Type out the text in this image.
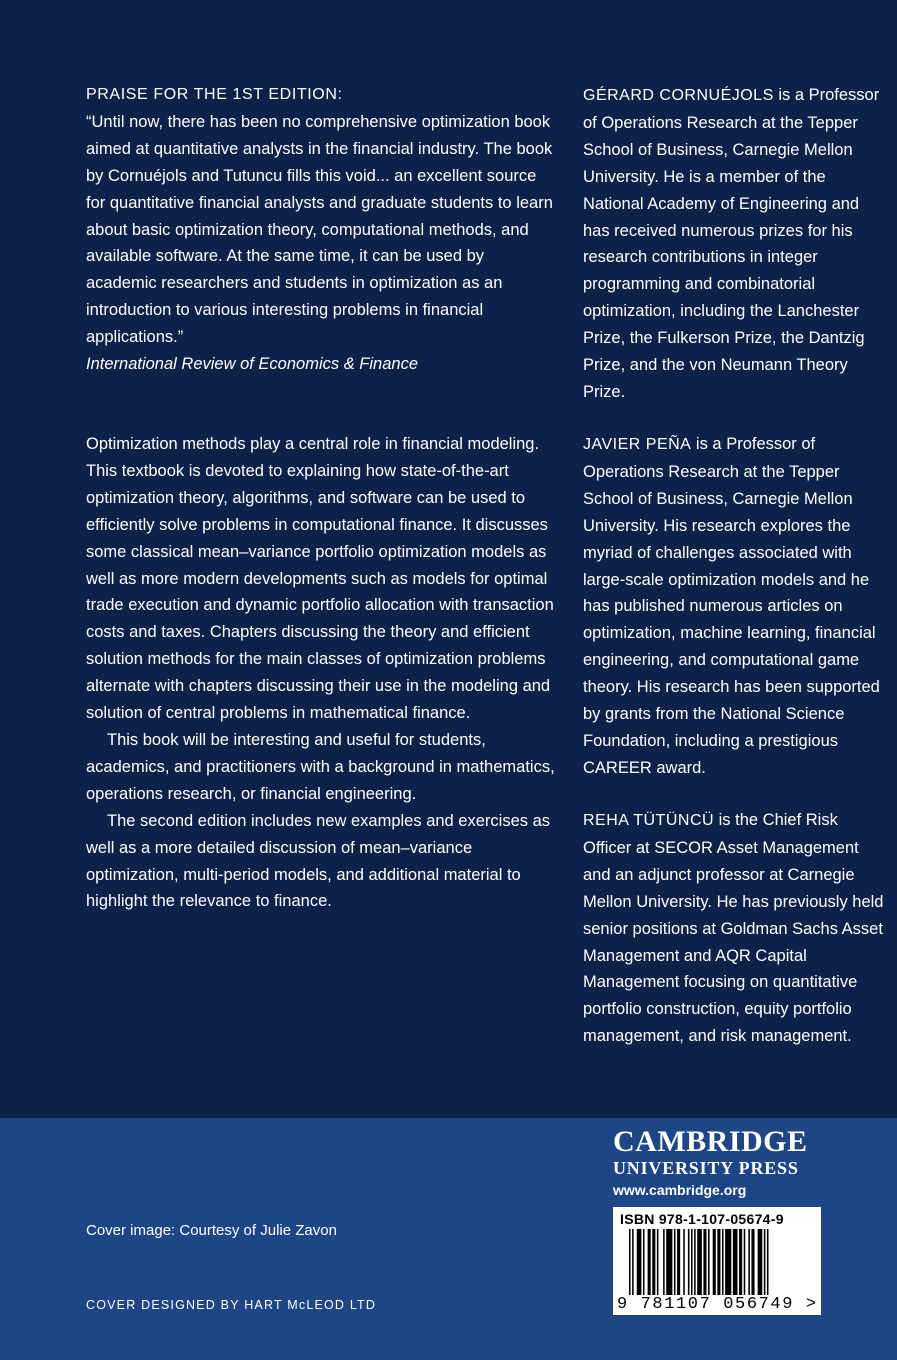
PRAISE FOR THE 1ST EDITION:
“Until now, there has been no comprehensive optimization book aimed at quantitative analysts in the financial industry. The book by Cornuéjols and Tutuncu fills this void... an excellent source for quantitative financial analysts and graduate students to learn about basic optimization theory, computational methods, and available software. At the same time, it can be used by academic researchers and students in optimization as an introduction to various interesting problems in financial applications.”
International Review of Economics & Finance

Optimization methods play a central role in financial modeling. This textbook is devoted to explaining how state-of-the-art optimization theory, algorithms, and software can be used to efficiently solve problems in computational finance. It discusses some classical mean–variance portfolio optimization models as well as more modern developments such as models for optimal trade execution and dynamic portfolio allocation with transaction costs and taxes. Chapters discussing the theory and efficient solution methods for the main classes of optimization problems alternate with chapters discussing their use in the modeling and solution of central problems in mathematical finance.

This book will be interesting and useful for students, academics, and practitioners with a background in mathematics, operations research, or financial engineering.

The second edition includes new examples and exercises as well as a more detailed discussion of mean–variance optimization, multi-period models, and additional material to highlight the relevance to finance.

GÉRARD CORNUÉJOLS is a Professor of Operations Research at the Tepper School of Business, Carnegie Mellon University. He is a member of the National Academy of Engineering and has received numerous prizes for his research contributions in integer programming and combinatorial optimization, including the Lanchester Prize, the Fulkerson Prize, the Dantzig Prize, and the von Neumann Theory Prize.

JAVIER PEÑA is a Professor of Operations Research at the Tepper School of Business, Carnegie Mellon University. His research explores the myriad of challenges associated with large-scale optimization models and he has published numerous articles on optimization, machine learning, financial engineering, and computational game theory. His research has been supported by grants from the National Science Foundation, including a prestigious CAREER award.

REHA TÜTÜNCÜ is the Chief Risk Officer at SECOR Asset Management and an adjunct professor at Carnegie Mellon University. He has previously held senior positions at Goldman Sachs Asset Management and AQR Capital Management focusing on quantitative portfolio construction, equity portfolio management, and risk management.

Cover image: Courtesy of Julie Zavon
COVER DESIGNED BY HART McLEOD LTD
CAMBRIDGE
UNIVERSITY PRESS
www.cambridge.org
ISBN 978-1-107-05674-9
9 781107 056749 >
